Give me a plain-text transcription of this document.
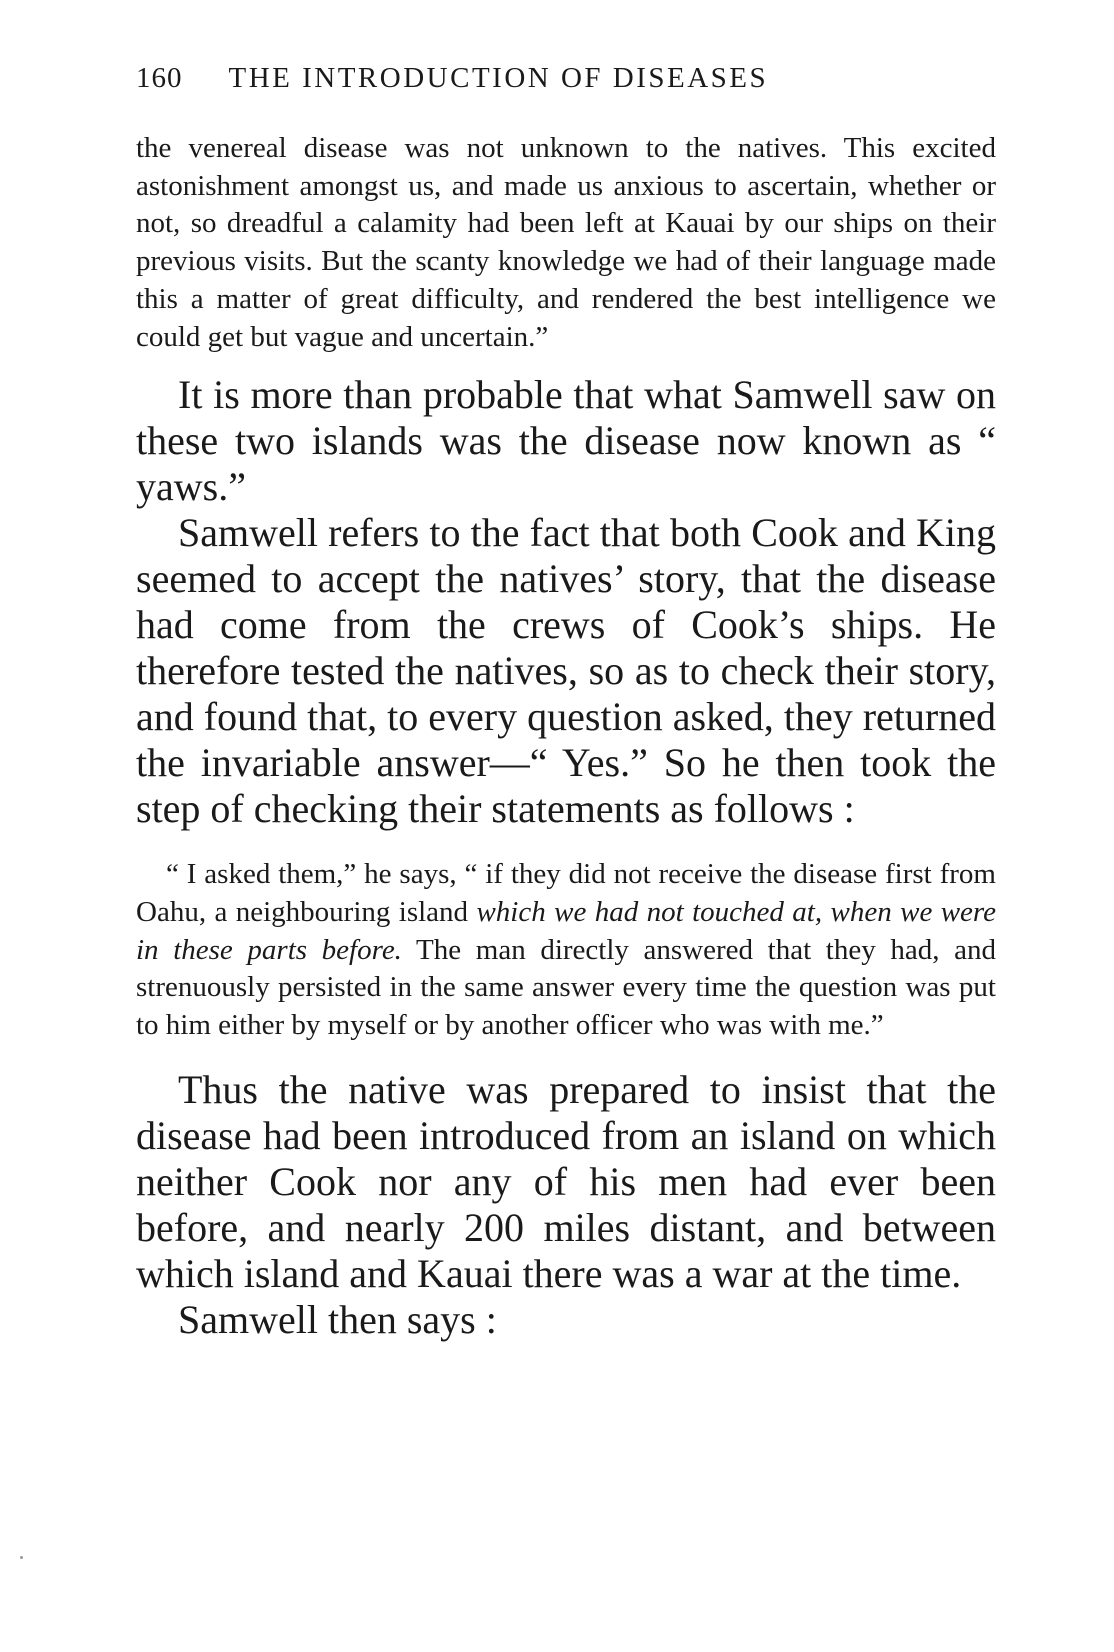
160 THE INTRODUCTION OF DISEASES

the venereal disease was not unknown to the natives. This excited astonishment amongst us, and made us anxious to ascertain, whether or not, so dreadful a calamity had been left at Kauai by our ships on their previous visits. But the scanty knowledge we had of their language made this a matter of great difficulty, and rendered the best intelligence we could get but vague and uncertain.”

It is more than probable that what Samwell saw on these two islands was the disease now known as “ yaws.”

Samwell refers to the fact that both Cook and King seemed to accept the natives’ story, that the disease had come from the crews of Cook’s ships. He therefore tested the natives, so as to check their story, and found that, to every question asked, they returned the invariable answer—“ Yes.” So he then took the step of checking their statements as follows :

“ I asked them,” he says, “ if they did not receive the disease first from Oahu, a neighbouring island which we had not touched at, when we were in these parts before. The man directly answered that they had, and strenuously persisted in the same answer every time the question was put to him either by myself or by another officer who was with me.”

Thus the native was prepared to insist that the disease had been introduced from an island on which neither Cook nor any of his men had ever been before, and nearly 200 miles distant, and between which island and Kauai there was a war at the time.

Samwell then says :
